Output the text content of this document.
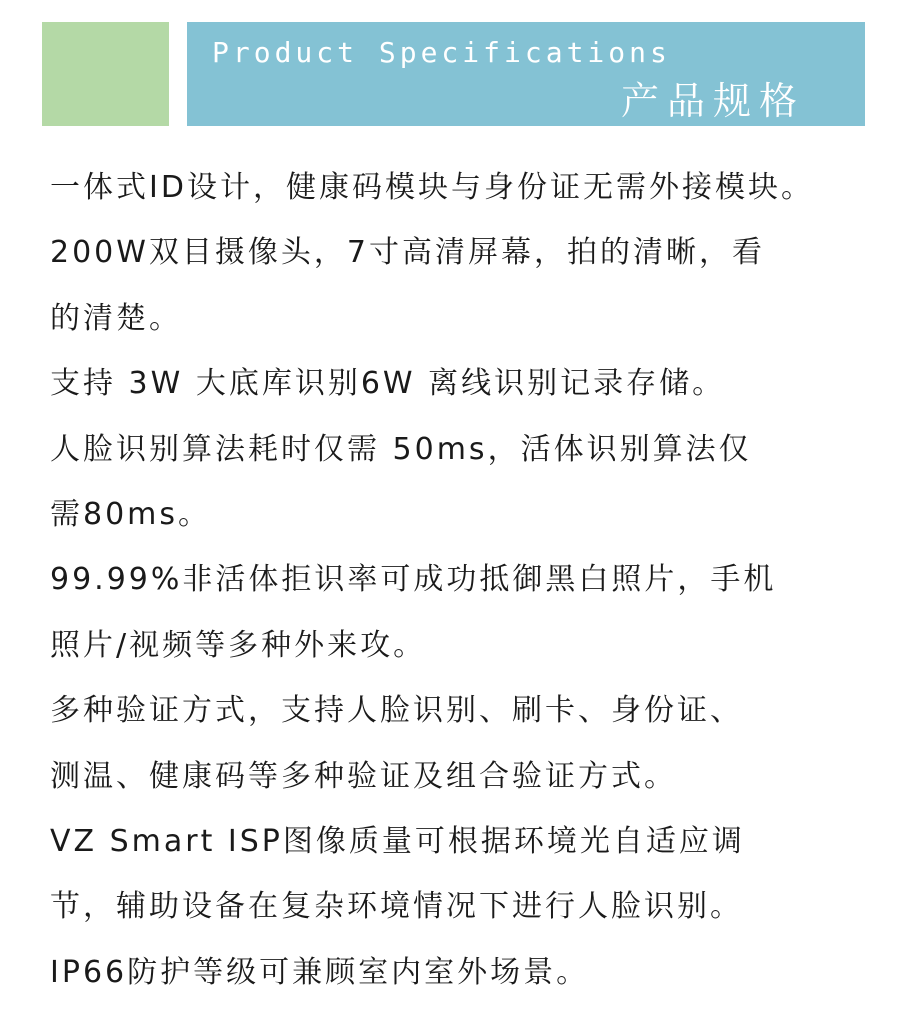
Product Specifications
产品规格
一体式ID设计，健康码模块与身份证无需外接模块。
200W双目摄像头，7寸高清屏幕，拍的清晰，看
的清楚。
支持 3W 大底库识别6W 离线识别记录存储。
人脸识别算法耗时仅需 50ms，活体识别算法仅
需80ms。
99.99%非活体拒识率可成功抵御黑白照片，手机
照片/视频等多种外来攻。
多种验证方式，支持人脸识别、刷卡、身份证、
测温、健康码等多种验证及组合验证方式。
VZ Smart ISP图像质量可根据环境光自适应调
节，辅助设备在复杂环境情况下进行人脸识别。
IP66防护等级可兼顾室内室外场景。
